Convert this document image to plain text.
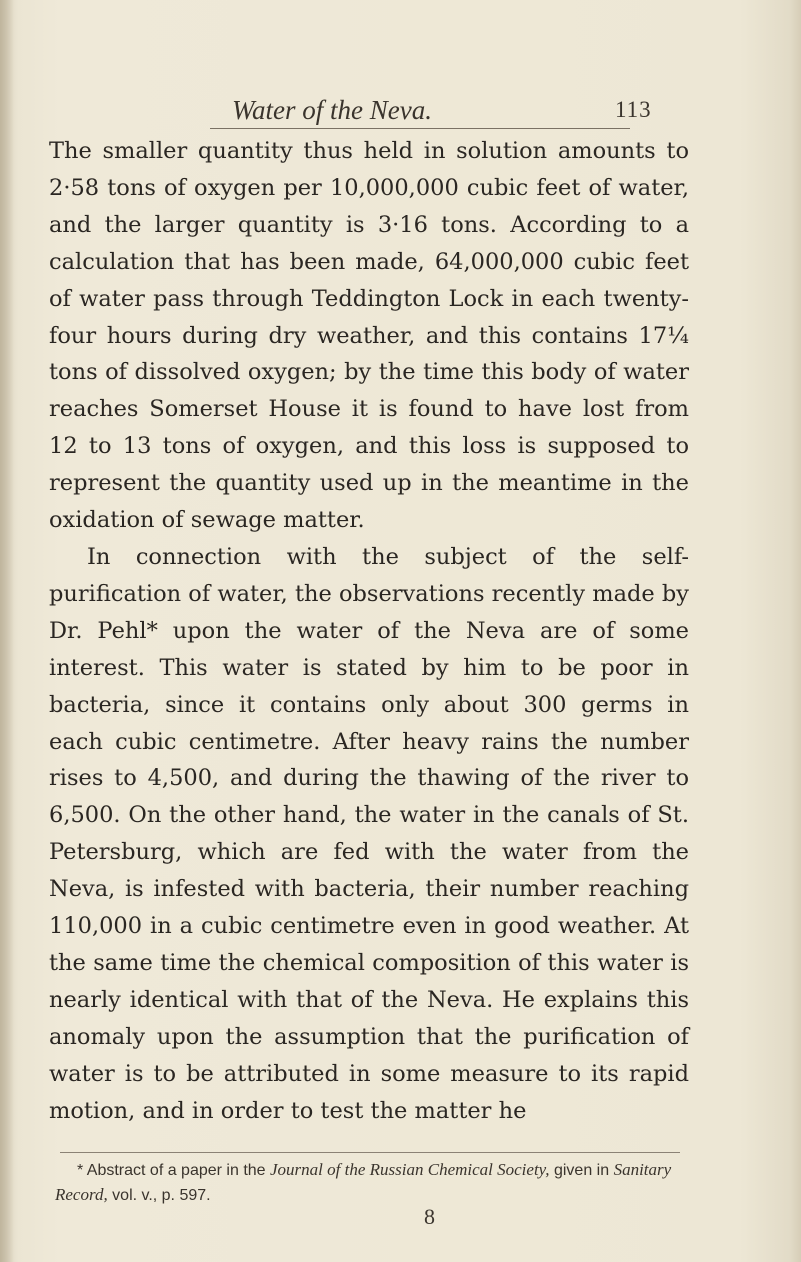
Water of the Neva.	113

The smaller quantity thus held in solution amounts to 2·58 tons of oxygen per 10,000,000 cubic feet of water, and the larger quantity is 3·16 tons. According to a calculation that has been made, 64,000,000 cubic feet of water pass through Teddington Lock in each twenty-four hours during dry weather, and this contains 17¼ tons of dissolved oxygen; by the time this body of water reaches Somerset House it is found to have lost from 12 to 13 tons of oxygen, and this loss is supposed to represent the quantity used up in the meantime in the oxidation of sewage matter.

In connection with the subject of the self-purification of water, the observations recently made by Dr. Pehl* upon the water of the Neva are of some interest. This water is stated by him to be poor in bacteria, since it contains only about 300 germs in each cubic centimetre. After heavy rains the number rises to 4,500, and during the thawing of the river to 6,500. On the other hand, the water in the canals of St. Petersburg, which are fed with the water from the Neva, is infested with bacteria, their number reaching 110,000 in a cubic centimetre even in good weather. At the same time the chemical composition of this water is nearly identical with that of the Neva. He explains this anomaly upon the assumption that the purification of water is to be attributed in some measure to its rapid motion, and in order to test the matter he

* Abstract of a paper in the Journal of the Russian Chemical Society, given in Sanitary Record, vol. v., p. 597.

8
